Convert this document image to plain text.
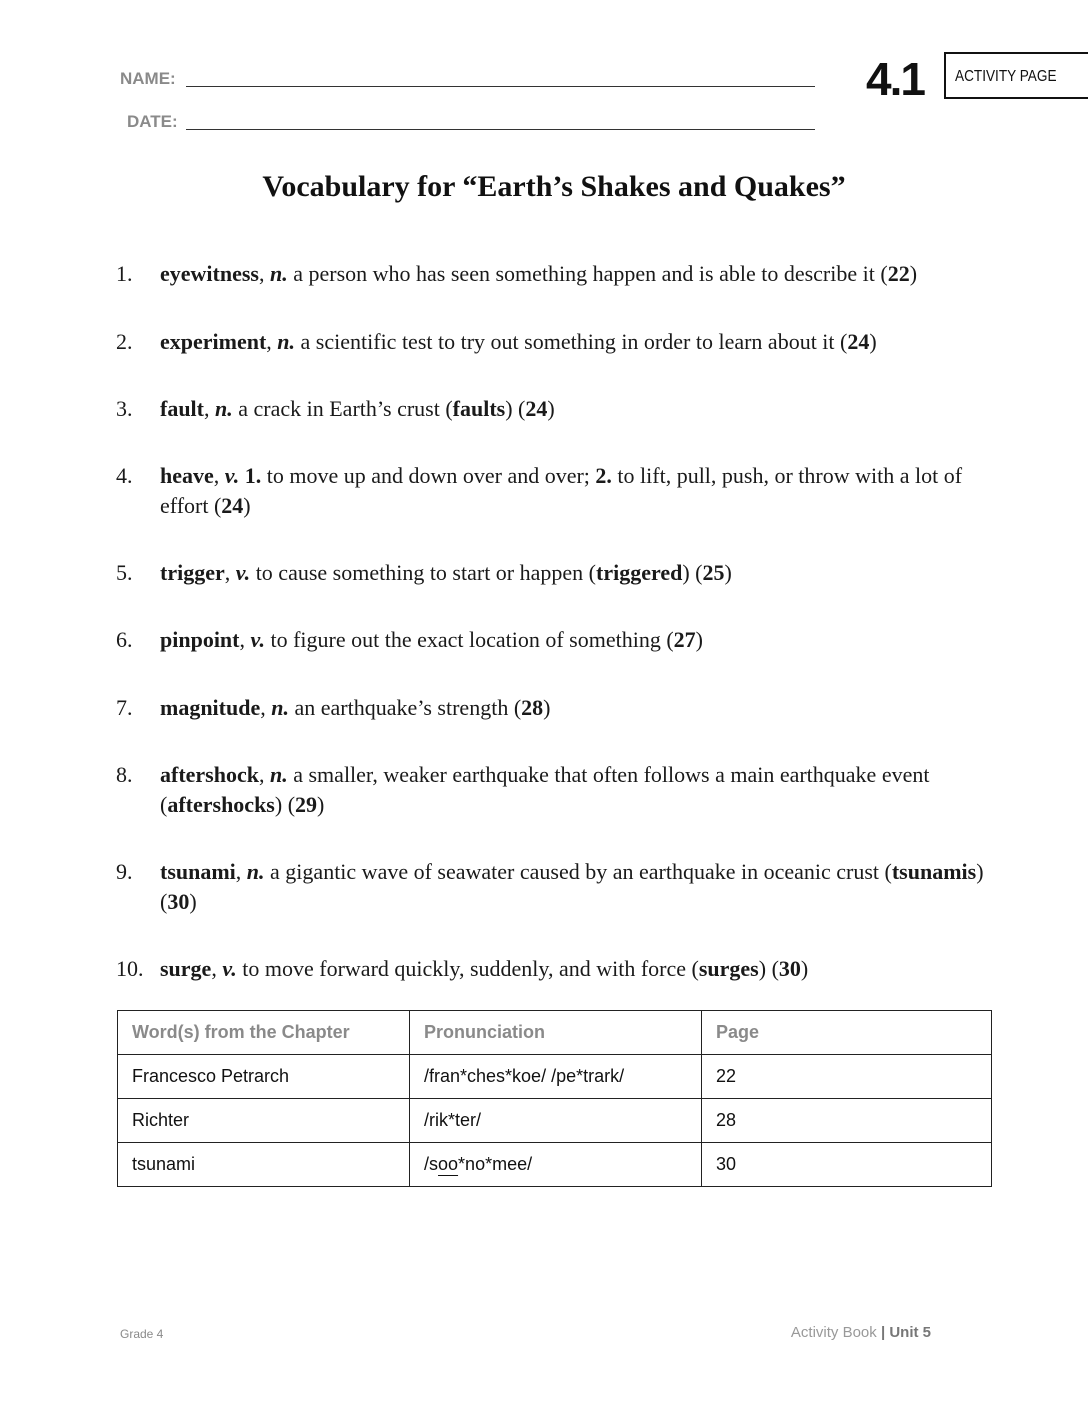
NAME:
DATE:
4.1 ACTIVITY PAGE
Vocabulary for “Earth’s Shakes and Quakes”
1. eyewitness, n. a person who has seen something happen and is able to describe it (22)
2. experiment, n. a scientific test to try out something in order to learn about it (24)
3. fault, n. a crack in Earth’s crust (faults) (24)
4. heave, v. 1. to move up and down over and over; 2. to lift, pull, push, or throw with a lot of effort (24)
5. trigger, v. to cause something to start or happen (triggered) (25)
6. pinpoint, v. to figure out the exact location of something (27)
7. magnitude, n. an earthquake’s strength (28)
8. aftershock, n. a smaller, weaker earthquake that often follows a main earthquake event (aftershocks) (29)
9. tsunami, n. a gigantic wave of seawater caused by an earthquake in oceanic crust (tsunamis) (30)
10. surge, v. to move forward quickly, suddenly, and with force (surges) (30)
Word(s) from the Chapter	Pronunciation	Page
Francesco Petrarch	/fran*ches*koe/ /pe*trark/	22
Richter	/rik*ter/	28
tsunami	/soo*no*mee/	30
Grade 4	Activity Book | Unit 5
